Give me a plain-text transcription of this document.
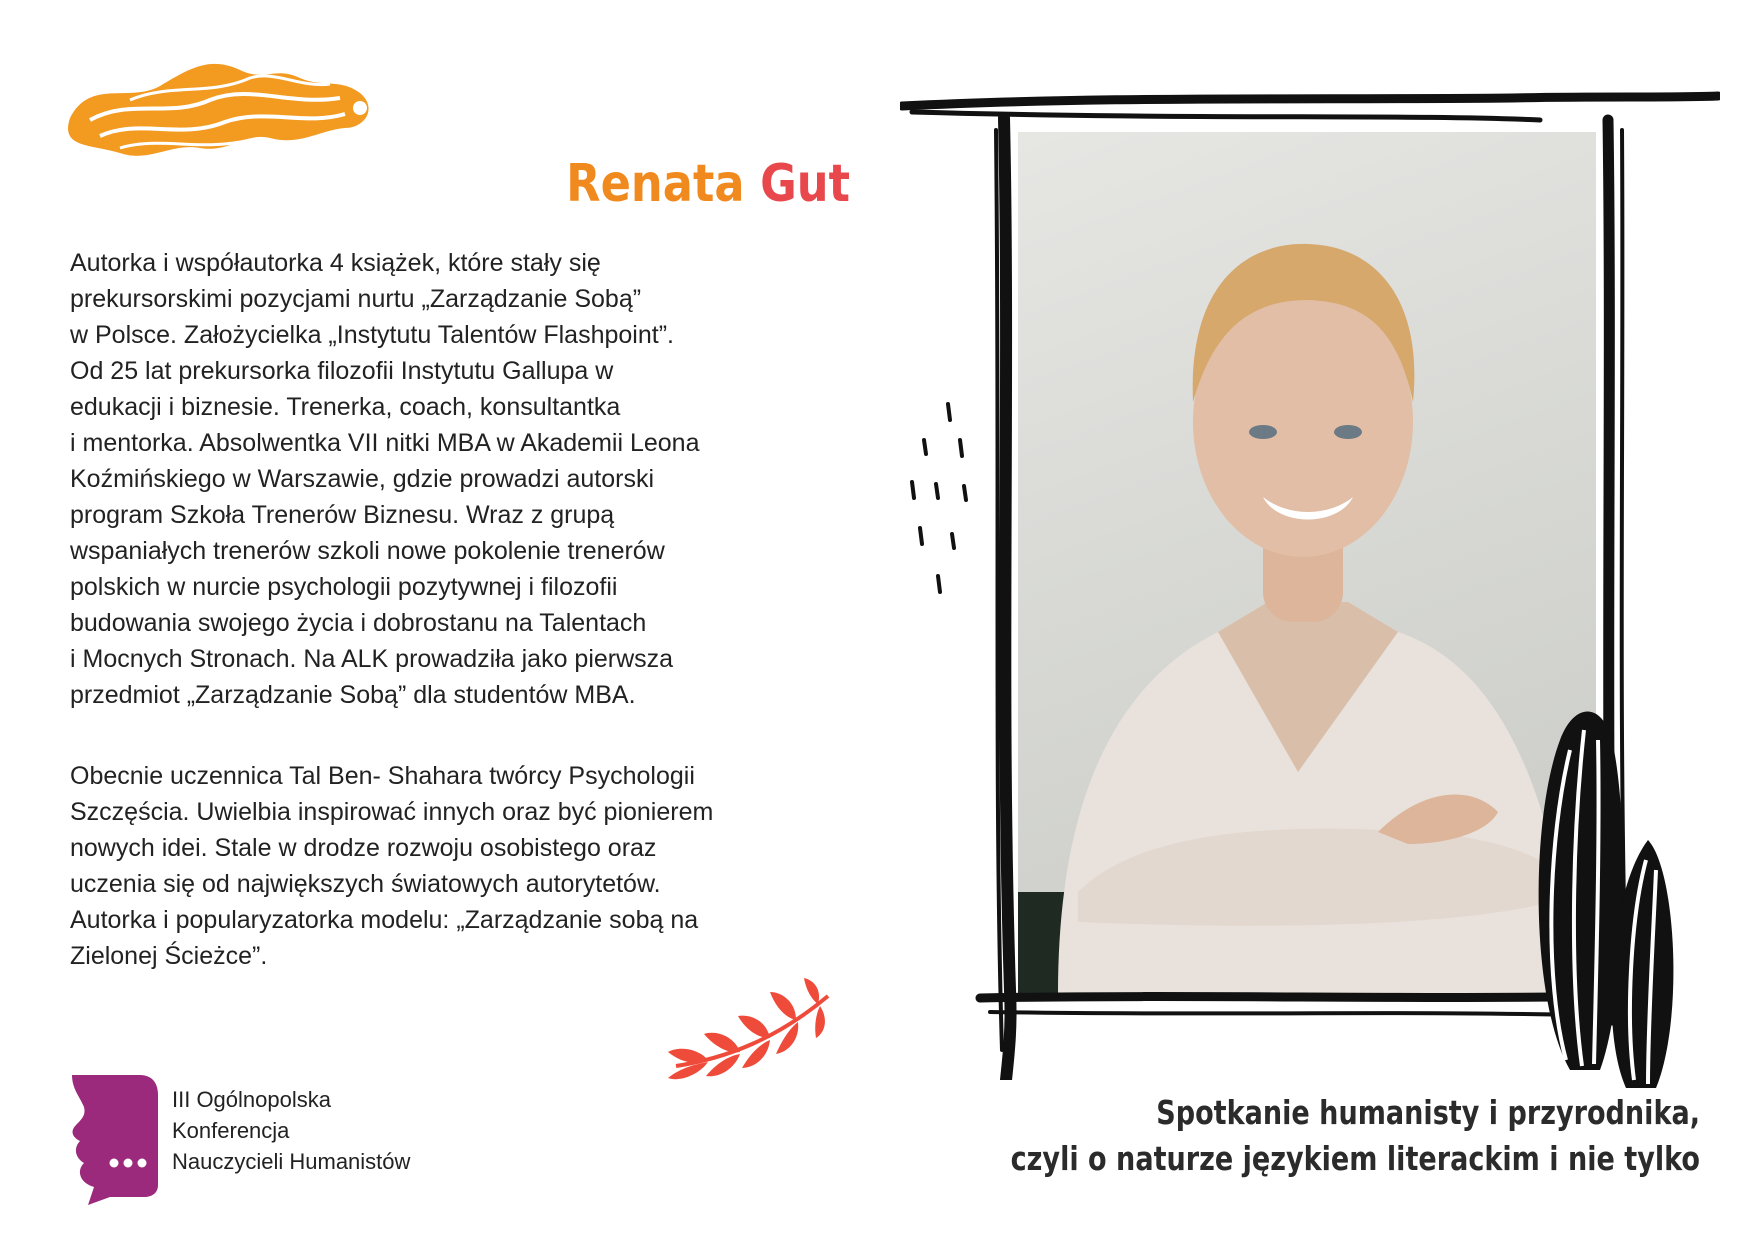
Renata Gut
Autorka i współautorka 4 książek, które stały się
prekursorskimi pozycjami nurtu „Zarządzanie Sobą”
w Polsce. Założycielka „Instytutu Talentów Flashpoint”.
Od 25 lat prekursorka filozofii Instytutu Gallupa w
edukacji i biznesie. Trenerka, coach, konsultantka
i mentorka. Absolwentka VII nitki MBA w Akademii Leona
Koźmińskiego w Warszawie, gdzie prowadzi autorski
program Szkoła Trenerów Biznesu. Wraz z grupą
wspaniałych trenerów szkoli nowe pokolenie trenerów
polskich w nurcie psychologii pozytywnej i filozofii
budowania swojego życia i dobrostanu na Talentach
i Mocnych Stronach. Na ALK prowadziła jako pierwsza
przedmiot „Zarządzanie Sobą” dla studentów MBA.
Obecnie uczennica Tal Ben- Shahara twórcy Psychologii
Szczęścia. Uwielbia inspirować innych oraz być pionierem
nowych idei. Stale w drodze rozwoju osobistego oraz
uczenia się od największych światowych autorytetów.
Autorka i popularyzatorka modelu: „Zarządzanie sobą na
Zielonej Ścieżce”.
III Ogólnopolska
Konferencja
Nauczycieli Humanistów
Spotkanie humanisty i przyrodnika,
czyli o naturze językiem literackim i nie tylko
